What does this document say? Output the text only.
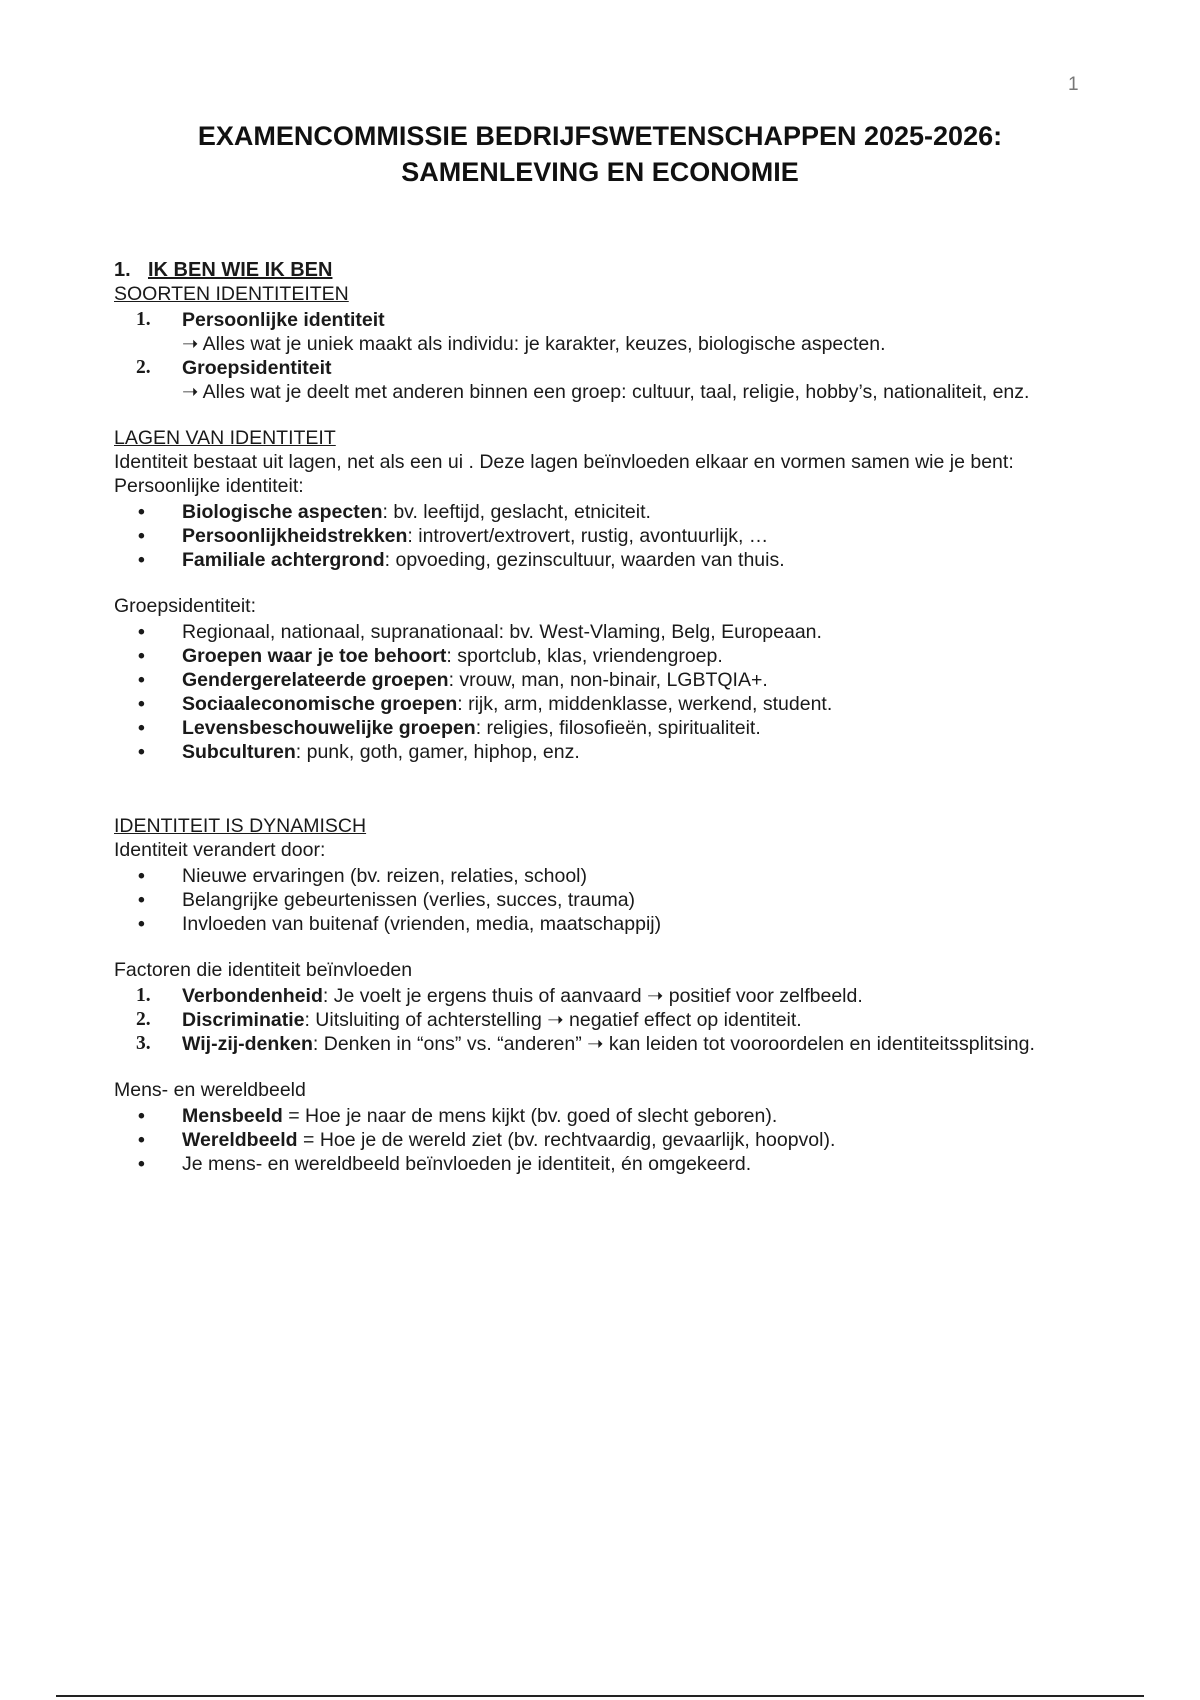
1
EXAMENCOMMISSIE BEDRIJFSWETENSCHAPPEN 2025-2026:
SAMENLEVING EN ECONOMIE

1. IK BEN WIE IK BEN

SOORTEN IDENTITEITEN

1. Persoonlijke identiteit
➝ Alles wat je uniek maakt als individu: je karakter, keuzes, biologische aspecten.
2. Groepsidentiteit
➝ Alles wat je deelt met anderen binnen een groep: cultuur, taal, religie, hobby’s, nationaliteit, enz.

LAGEN VAN IDENTITEIT

Identiteit bestaat uit lagen, net als een ui . Deze lagen beïnvloeden elkaar en vormen samen wie je bent:

Persoonlijke identiteit:

• Biologische aspecten: bv. leeftijd, geslacht, etniciteit.
• Persoonlijkheidstrekken: introvert/extrovert, rustig, avontuurlijk, …
• Familiale achtergrond: opvoeding, gezinscultuur, waarden van thuis.

Groepsidentiteit:

• Regionaal, nationaal, supranationaal: bv. West-Vlaming, Belg, Europeaan.
• Groepen waar je toe behoort: sportclub, klas, vriendengroep.
• Gendergerelateerde groepen: vrouw, man, non-binair, LGBTQIA+.
• Sociaaleconomische groepen: rijk, arm, middenklasse, werkend, student.
• Levensbeschouwelijke groepen: religies, filosofieën, spiritualiteit.
• Subculturen: punk, goth, gamer, hiphop, enz.

IDENTITEIT IS DYNAMISCH

Identiteit verandert door:

• Nieuwe ervaringen (bv. reizen, relaties, school)
• Belangrijke gebeurtenissen (verlies, succes, trauma)
• Invloeden van buitenaf (vrienden, media, maatschappij)

Factoren die identiteit beïnvloeden

1. Verbondenheid: Je voelt je ergens thuis of aanvaard ➝ positief voor zelfbeeld.
2. Discriminatie: Uitsluiting of achterstelling ➝ negatief effect op identiteit.
3. Wij-zij-denken: Denken in “ons” vs. “anderen” ➝ kan leiden tot vooroordelen en identiteitssplitsing.

Mens- en wereldbeeld

• Mensbeeld = Hoe je naar de mens kijkt (bv. goed of slecht geboren).
• Wereldbeeld = Hoe je de wereld ziet (bv. rechtvaardig, gevaarlijk, hoopvol).
• Je mens- en wereldbeeld beïnvloeden je identiteit, én omgekeerd.
